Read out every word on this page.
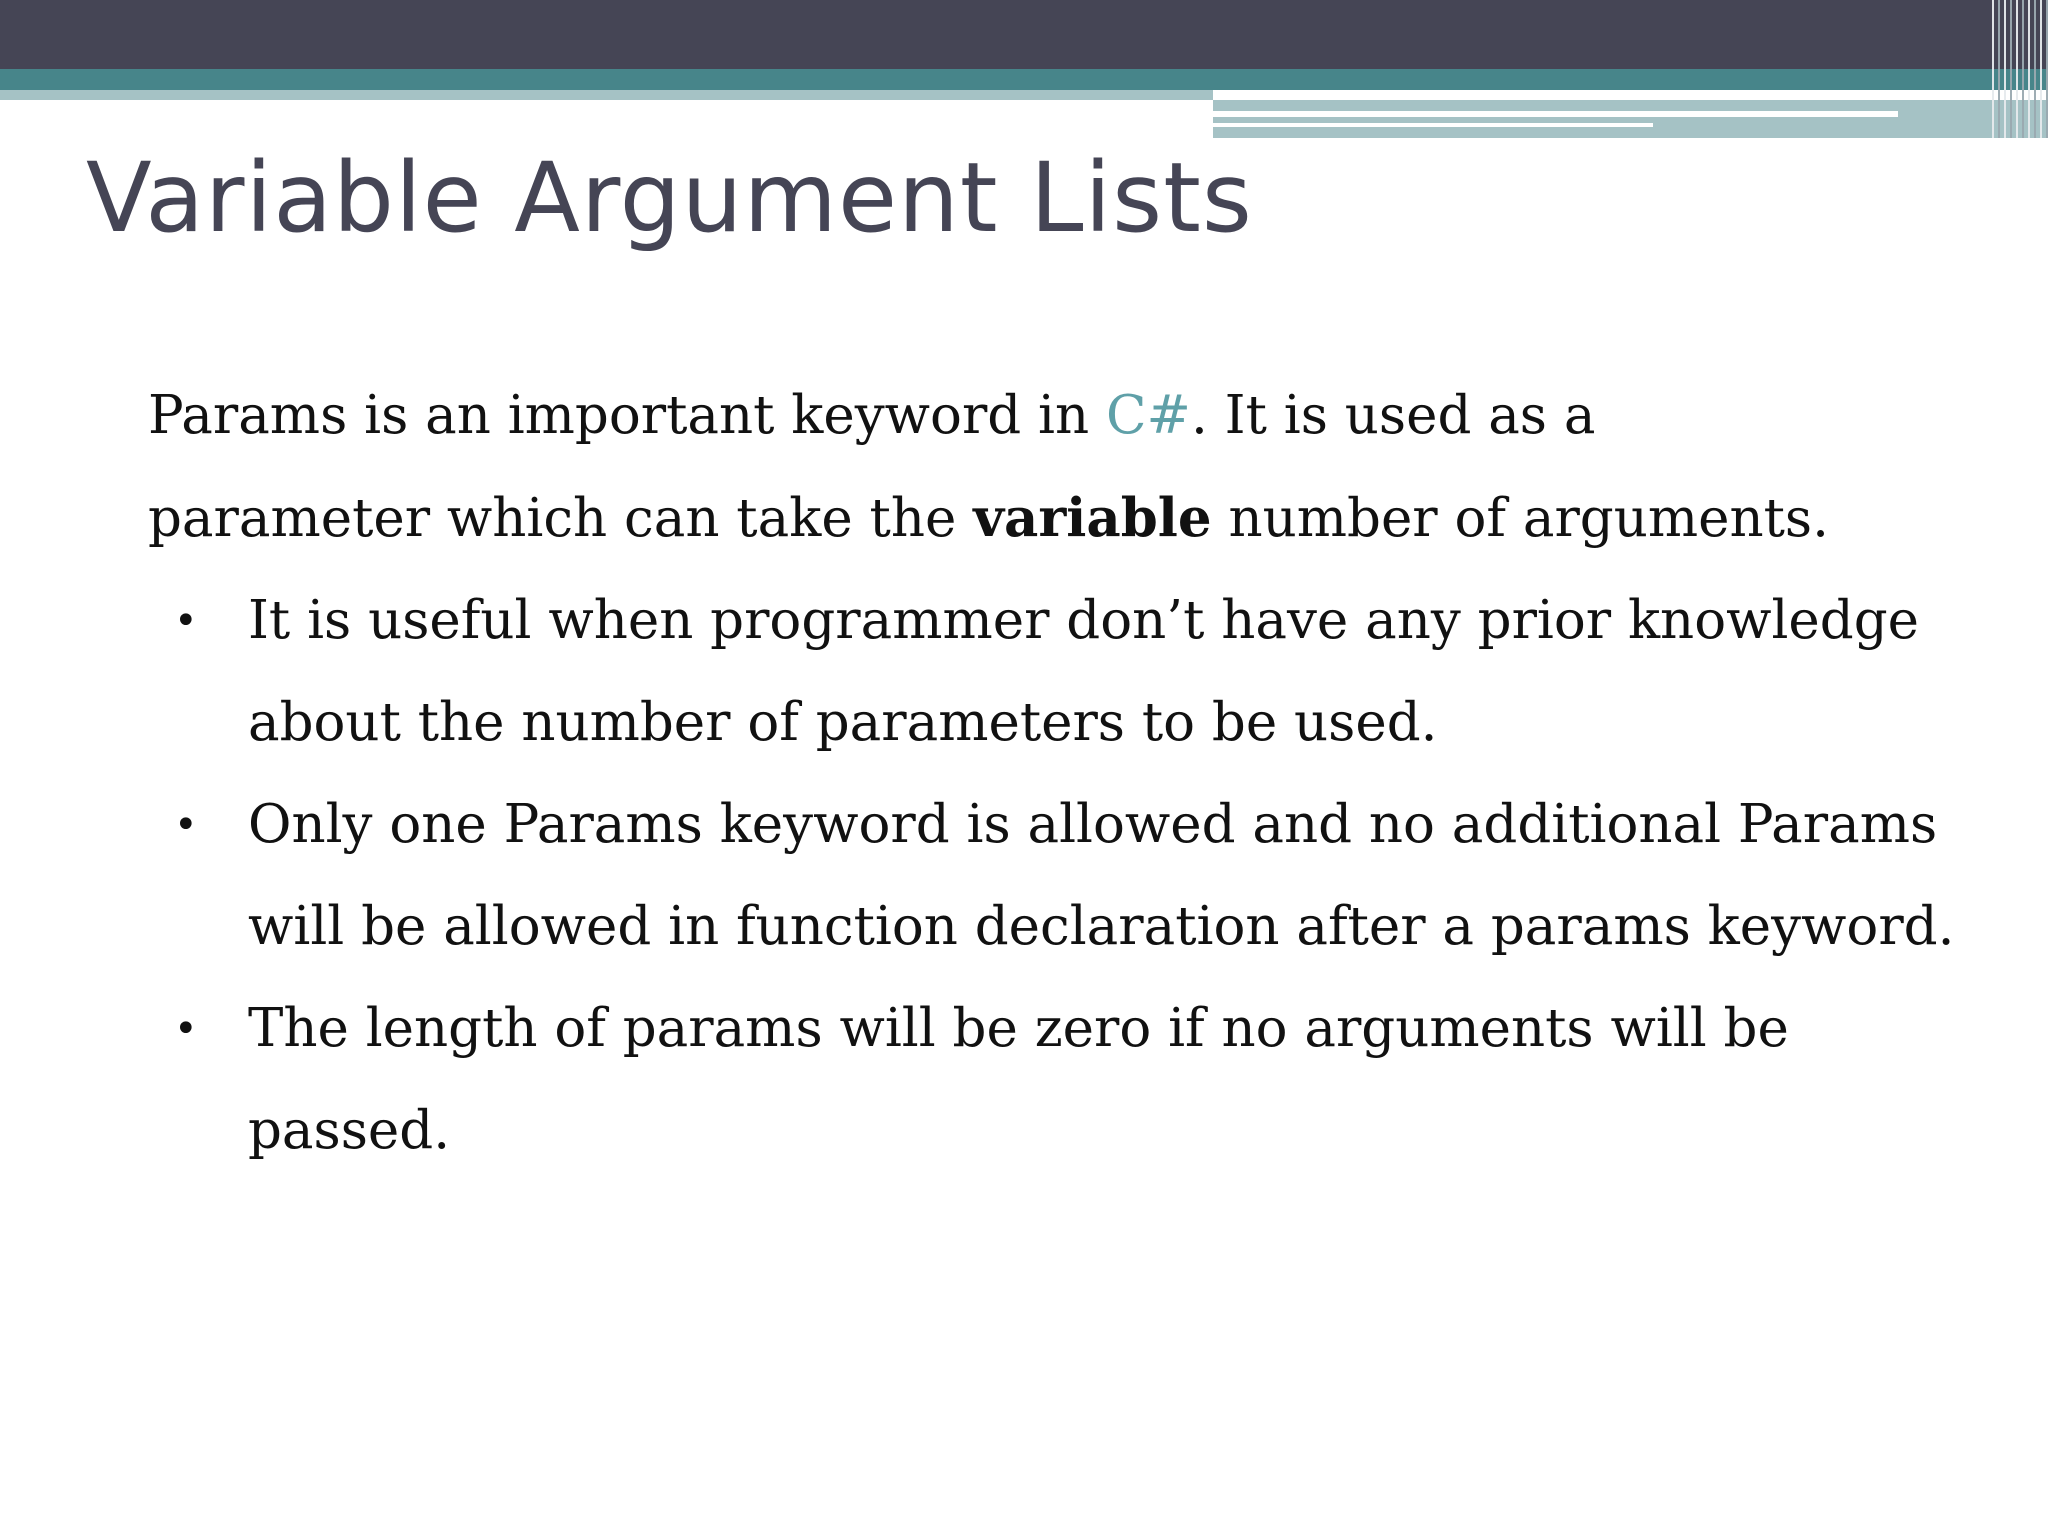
Variable Argument Lists

Params is an important keyword in C#. It is used as a parameter which can take the variable number of arguments.

• It is useful when programmer don’t have any prior knowledge about the number of parameters to be used.
• Only one Params keyword is allowed and no additional Params will be allowed in function declaration after a params keyword.
• The length of params will be zero if no arguments will be passed.
